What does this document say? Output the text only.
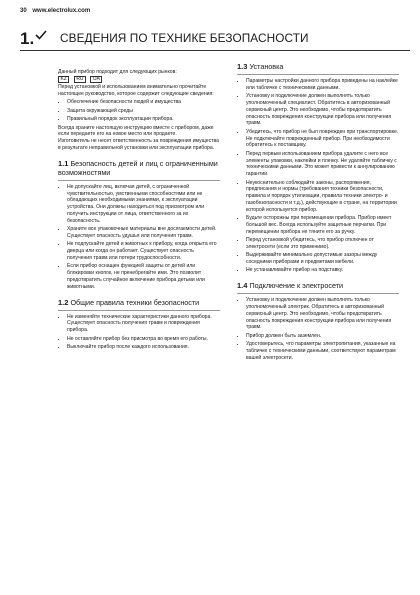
30 www.electrolux.com
1. СВЕДЕНИЯ ПО ТЕХНИКЕ БЕЗОПАСНОСТИ

Данный прибор подходит для следующих рынков:

KZ RU UA

Перед установкой и использованием внимательно прочитайте настоящее руководство, которое содержит следующие сведения:

• Обеспечение безопасности людей и имущества
• Защита окружающей среды
• Правильный порядок эксплуатации прибора.

Всегда храните настоящую инструкцию вместе с прибором, даже если передаете его на новое место или продаете.

Изготовитель не несет ответственность за повреждения имущества в результате неправильной установки или эксплуатации прибора.

1.1 Безопасность детей и лиц с ограниченными возможностями
• Не допускайте лиц, включая детей, с ограниченной чувствительностью, умственными способностями или не обладающих необходимыми знаниями, к эксплуатации устройства. Они должны находиться под присмотром или получить инструкции от лица, ответственного за их безопасность.
• Храните все упаковочные материалы вне досягаемости детей. Существует опасность удушья или получения травм.
• Не подпускайте детей и животных к прибору, когда открыта его дверца или когда он работает. Существует опасность получения травм или потери трудоспособности.
• Если прибор оснащен функцией защиты от детей или блокировки кнопок, не пренебрегайте ими. Это позволит предотвратить случайное включение прибора детьми или животными.
1.2 Общие правила техники безопасности
• Не изменяйте технические характеристики данного прибора. Существует опасность получения травм и повреждения прибора.
• Не оставляйте прибор без присмотра во время его работы.
• Выключайте прибор после каждого использования.
1.3 Установка
• Параметры настройки данного прибора приведены на наклейке или табличке с техническими данными.
• Установку и подключение должен выполнять только уполномоченный специалист. Обратитесь в авторизованный сервисный центр. Это необходимо, чтобы предотвратить опасность повреждения конструкции прибора или получения травм.
• Убедитесь, что прибор не был поврежден при транспортировке. Не подключайте поврежденный прибор. При необходимости обратитесь к поставщику.
• Перед первым использованием прибора удалите с него все элементы упаковки, наклейки и пленку. Не удаляйте табличку с техническими данными. Это может привести к аннулированию гарантии.
• Неукоснительно соблюдайте законы, распоряжения, предписания и нормы (требования техники безопасности, правила и порядок утилизации, правила техники электро- и газобезопасности и т.д.), действующие в стране, на территории которой используется прибор.
• Будьте осторожны при перемещении прибора. Прибор имеет большой вес. Всегда используйте защитные перчатки. При перемещении прибора не тяните его за ручку.
• Перед установкой убедитесь, что прибор отключен от электросети (если это применимо).
• Выдерживайте минимально допустимые зазоры между соседними приборами и предметами мебели.
• Не устанавливайте прибор на подставку.
1.4 Подключение к электросети
• Установку и подключение должен выполнять только уполномоченный электрик. Обратитесь в авторизованный сервисный центр. Это необходимо, чтобы предотвратить опасность повреждения конструкции прибора или получения травм.
• Прибор должен быть заземлен.
• Удостоверьтесь, что параметры электропитания, указанные на табличке с техническими данными, соответствуют параметрам вашей электросети.
